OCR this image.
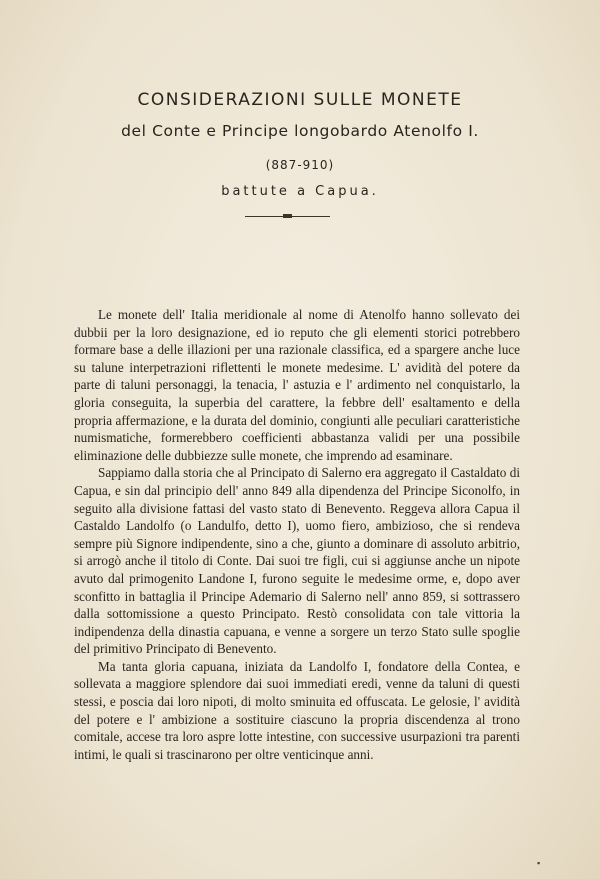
CONSIDERAZIONI SULLE MONETE
del Conte e Principe longobardo Atenolfo I.
(887-910)
battute a Capua.

Le monete dell' Italia meridionale al nome di Atenolfo hanno sollevato dei dubbii per la loro designazione, ed io reputo che gli elementi storici potrebbero formare base a delle illazioni per una razionale classifica, ed a spargere anche luce su talune interpetrazioni riflettenti le monete medesime. L' avidità del potere da parte di taluni personaggi, la tenacia, l' astuzia e l' ardimento nel conquistarlo, la gloria conseguita, la superbia del carattere, la febbre dell' esaltamento e della propria affermazione, e la durata del dominio, congiunti alle peculiari caratteristiche numismatiche, formerebbero coefficienti abbastanza validi per una possibile eliminazione delle dubbiezze sulle monete, che imprendo ad esaminare.

Sappiamo dalla storia che al Principato di Salerno era aggregato il Castaldato di Capua, e sin dal principio dell' anno 849 alla dipendenza del Principe Siconolfo, in seguito alla divisione fattasi del vasto stato di Benevento. Reggeva allora Capua il Castaldo Landolfo (o Landulfo, detto I), uomo fiero, ambizioso, che si rendeva sempre più Signore indipendente, sino a che, giunto a dominare di assoluto arbitrio, si arrogò anche il titolo di Conte. Dai suoi tre figli, cui si aggiunse anche un nipote avuto dal primogenito Landone I, furono seguite le medesime orme, e, dopo aver sconfitto in battaglia il Principe Ademario di Salerno nell' anno 859, si sottrassero dalla sottomissione a questo Principato. Restò consolidata con tale vittoria la indipendenza della dinastia capuana, e venne a sorgere un terzo Stato sulle spoglie del primitivo Principato di Benevento.

Ma tanta gloria capuana, iniziata da Landolfo I, fondatore della Contea, e sollevata a maggiore splendore dai suoi immediati eredi, venne da taluni di questi stessi, e poscia dai loro nipoti, di molto sminuita ed offuscata. Le gelosie, l' avidità del potere e l' ambizione a sostituire ciascuno la propria discendenza al trono comitale, accese tra loro aspre lotte intestine, con successive usurpazioni tra parenti intimi, le quali si trascinarono per oltre venticinque anni.

▪
